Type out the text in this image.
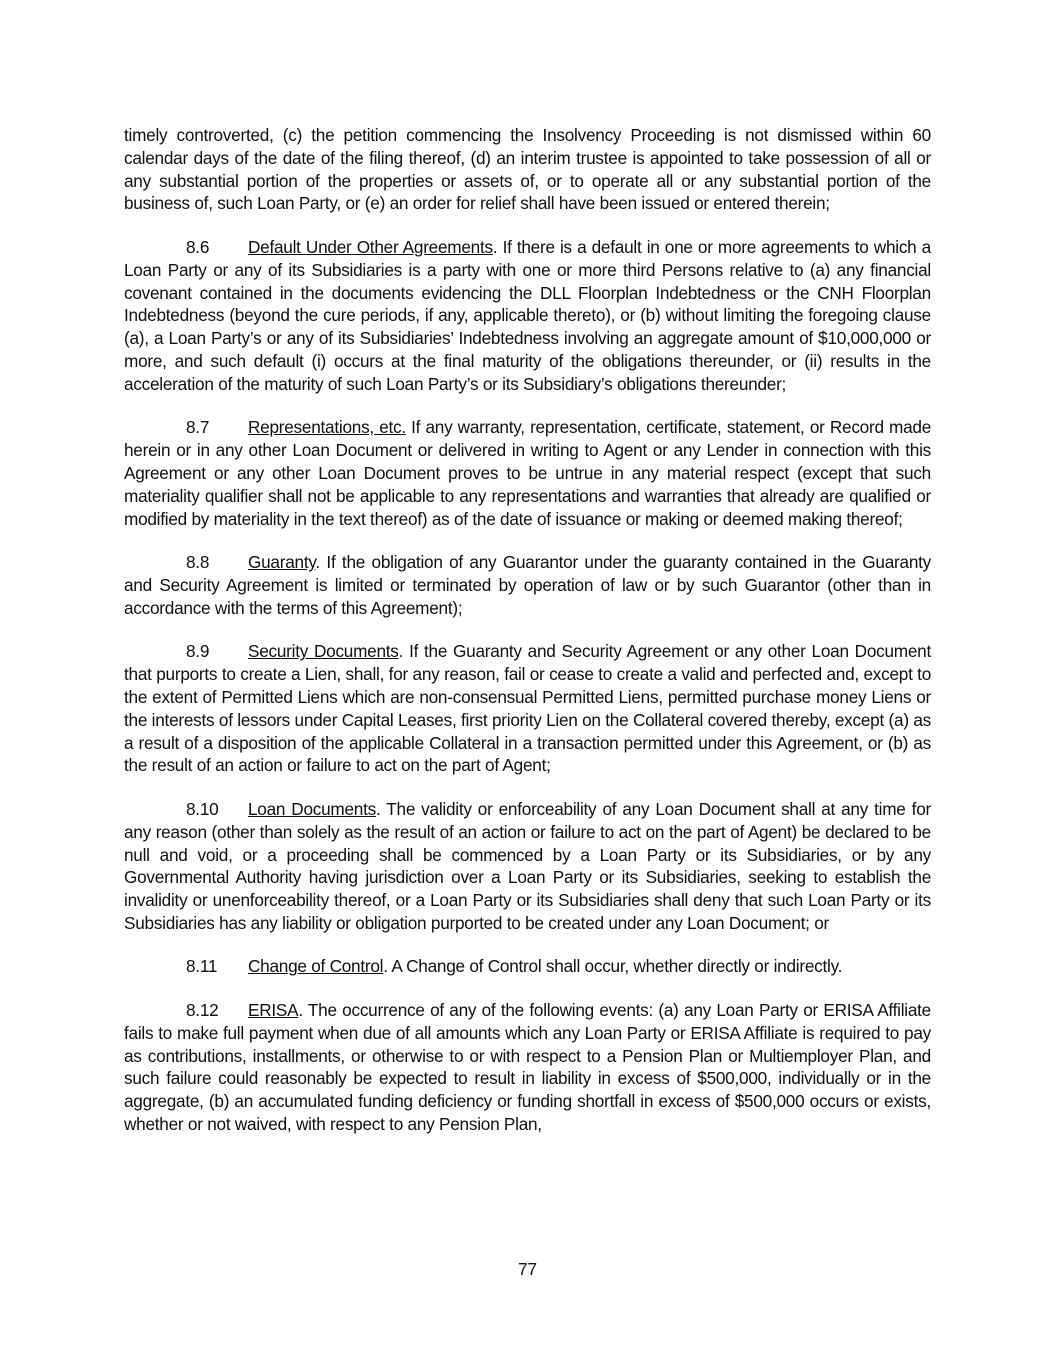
timely controverted, (c) the petition commencing the Insolvency Proceeding is not dismissed within 60 calendar days of the date of the filing thereof, (d) an interim trustee is appointed to take possession of all or any substantial portion of the properties or assets of, or to operate all or any substantial portion of the business of, such Loan Party, or (e) an order for relief shall have been issued or entered therein;

8.6 Default Under Other Agreements. If there is a default in one or more agreements to which a Loan Party or any of its Subsidiaries is a party with one or more third Persons relative to (a) any financial covenant contained in the documents evidencing the DLL Floorplan Indebtedness or the CNH Floorplan Indebtedness (beyond the cure periods, if any, applicable thereto), or (b) without limiting the foregoing clause (a), a Loan Party’s or any of its Subsidiaries’ Indebtedness involving an aggregate amount of $10,000,000 or more, and such default (i) occurs at the final maturity of the obligations thereunder, or (ii) results in the acceleration of the maturity of such Loan Party’s or its Subsidiary’s obligations thereunder;

8.7 Representations, etc. If any warranty, representation, certificate, statement, or Record made herein or in any other Loan Document or delivered in writing to Agent or any Lender in connection with this Agreement or any other Loan Document proves to be untrue in any material respect (except that such materiality qualifier shall not be applicable to any representations and warranties that already are qualified or modified by materiality in the text thereof) as of the date of issuance or making or deemed making thereof;

8.8 Guaranty. If the obligation of any Guarantor under the guaranty contained in the Guaranty and Security Agreement is limited or terminated by operation of law or by such Guarantor (other than in accordance with the terms of this Agreement);

8.9 Security Documents. If the Guaranty and Security Agreement or any other Loan Document that purports to create a Lien, shall, for any reason, fail or cease to create a valid and perfected and, except to the extent of Permitted Liens which are non-consensual Permitted Liens, permitted purchase money Liens or the interests of lessors under Capital Leases, first priority Lien on the Collateral covered thereby, except (a) as a result of a disposition of the applicable Collateral in a transaction permitted under this Agreement, or (b) as the result of an action or failure to act on the part of Agent;

8.10 Loan Documents. The validity or enforceability of any Loan Document shall at any time for any reason (other than solely as the result of an action or failure to act on the part of Agent) be declared to be null and void, or a proceeding shall be commenced by a Loan Party or its Subsidiaries, or by any Governmental Authority having jurisdiction over a Loan Party or its Subsidiaries, seeking to establish the invalidity or unenforceability thereof, or a Loan Party or its Subsidiaries shall deny that such Loan Party or its Subsidiaries has any liability or obligation purported to be created under any Loan Document; or

8.11 Change of Control. A Change of Control shall occur, whether directly or indirectly.

8.12 ERISA. The occurrence of any of the following events: (a) any Loan Party or ERISA Affiliate fails to make full payment when due of all amounts which any Loan Party or ERISA Affiliate is required to pay as contributions, installments, or otherwise to or with respect to a Pension Plan or Multiemployer Plan, and such failure could reasonably be expected to result in liability in excess of $500,000, individually or in the aggregate, (b) an accumulated funding deficiency or funding shortfall in excess of $500,000 occurs or exists, whether or not waived, with respect to any Pension Plan,

77
